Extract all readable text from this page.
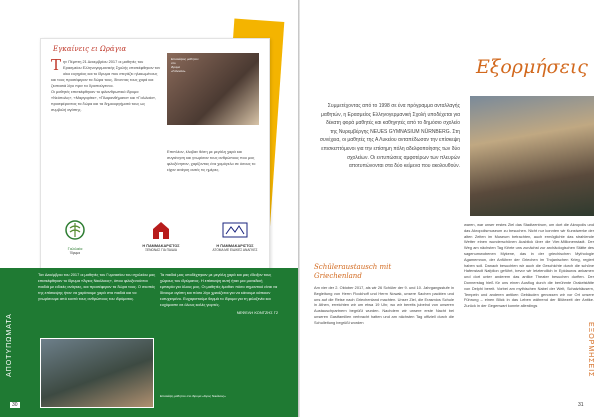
Εγκαίνεις ει Ωράγια
Τ ην Πέμπτη 21 Δεκεμβρίου 2017 οι μαθητές του Ερασμείου Ελληνογερμανικής Σχολής επισκέφθηκαν τον οίκο ευγηρίας και το ίδρυμα που στεγάζει ηλικιωμένους και τους προσέφεραν τα δώρα τους, δίνοντας τους χαρά και ζεστασιά λίγο πριν τα Χριστούγεννα.
Οι μαθητές επισκέφθηκαν το φιλανθρωπικό ίδρυμα «Νεόπολις», «Μαργαρίτα», «Πλαρανθήματα» και «Γαλιλαία», προσφέροντας τα δώρα και τα δημιουργήματά τους ως συμβολή αγάπης.
Επισκέψεις μαθητών
στο
ίδρυμα
«Γαλιλαία»
Επιπλέον, έλαβαν θέση με μεγάλη χαρά και συγκίνηση και γνωρίσαν τους ανθρώπους που μας φιλοξένησαν, χαρίζοντας ένα χαμόγελο σε όσους το είχαν ανάγκη αυτές τις ημέρες.
Γαλιλαία
Ίδρυμα
Η ΠΑΜΜΑΚΑΡΙΣΤΟΣ
ΞΕΝΩΝΑΣ ΓΙΑ ΠΑΙΔΙΑ
Η ΠΑΜΜΑΚΑΡΙΣΤΟΣ
ΑΤΟΜΑ ΜΕ ΕΙΔΙΚΕΣ ΑΝΑΓΚΕΣ
ΑΠΟΤΥΠΩΜΑΤΑ
Τον Δεκέμβριο του 2017 οι μαθητές του Γυμνασίου του σχολείου μας επισκέφθηκαν το ίδρυμα «Άγιος Νικόλαος», όπου φιλοξενούνται παιδιά με ειδικές ανάγκες, και προσέφεραν τα δώρα τους. Ο σκοπός της επίσκεψης ήταν να χαρίσουμε χαρά στα παιδιά και να γνωρίσουμε από κοντά τους ανθρώπους του ιδρύματος.
Τα παιδιά μας υποδέχτηκαν με μεγάλη χαρά και μας έδειξαν τους χώρους του ιδρύματος. Η επίσκεψη αυτή ήταν μια μοναδική εμπειρία για όλους μας. Οι μαθητές έμαθαν πόσο σημαντικό είναι να δίνουμε αγάπη και πόσο λίγο χρειάζεται για να κάνουμε κάποιον ευτυχισμένο. Ευχαριστούμε θερμά το ίδρυμα για τη φιλοξενία και ευχόμαστε σε όλους καλές γιορτές.
ΝΕΦΕΛΗ ΚΟΝΤΖΗΣ Γ2
Επισκέψη μαθητών στο ίδρυμα «Άγιος Νικόλαος»
30
Εξορμήσεις
Συμμετέχοντας από το 1998 σε ένα πρόγραμμα ανταλλαγής μαθητών, η Ερασμείος Ελληνογερμανική Σχολή υποδέχεται για δέκατη φορά μαθητές και καθηγητές από το δημόσιο σχολείο της Νυρεμβέργης NEUES GYMNASIUM NÜRNBERG. Στη συνέχεια, οι μαθητές της Α Λυκείου ανταπέδωσαν την επίσκεψη επισκεπτόμενοι για την επίσημη πόλη αδελφοποίησης των δύο σχολείων. Οι εντυπώσεις αμφοτέρων των πλευρών αποτυπώνονται στα δύο κείμενα που ακολουθούν.
Schüleraustausch mit Griechenland
Am vier der 2. Oktober 2017, als wir 26 Schüler der 9. und 10. Jahrgangsstufe in Begleitung von Herrn Flockhoff und Herrn Nowak, unsere Sachen packten und uns auf die Reise nach Griechenland machten. Unser Ziel, die Erasmios Schule in Athen, erreichten wir um etwa 19 Uhr, wo wir bereits jubelnd von unseren Austauschpartnern begrüßt wurden. Nachdem wir unsere erste Nacht bei unseren Gastfamilien verbracht hatten und am nächsten Tag offiziell durch die Schulleitung begrüßt worden
waren, war unser erstes Ziel das Stadtzentrum, um dort die Akropolis und das Akropolismuseum zu besuchen. Nicht nur konnten wir Kunstwerke der alten Zeiten im Museum betrachten, auch ermöglichte das strahlende Wetter einen wunderschönen Ausblick über die Vier-Millionenstadt. Der Weg am nächsten Tag führte uns zunächst zur archäologischen Stätte des sagenumwobenen Mykene, das in der griechischen Mythologie Agamemnon, der Anführer der Griechen im Trojanischen Krieg, regiert haben soll. Danach besuchten wir auch die Geschichte durch die schöne Hafenstadt Nafplion geführt, bevor wir letztendlich in Epidauros ankamen und dort unter anderem das antike Theater besuchen durften. Der Donnerstag hieß für uns einen Ausflug durch die berühmte Orakelstätte von Delphi bereit. Vorbei am mythischen Nabel der Welt, Schatzhäusern, Tempeln und anderen antiken Gebäuden genossen wir vor Ort unsere Führung – einen Blick in das Leben während der Blütezeit der Antike. Zurück in der Gegenwart konnte allerdings
ΕΞΟΡΜΗΣΕΙΣ
31
